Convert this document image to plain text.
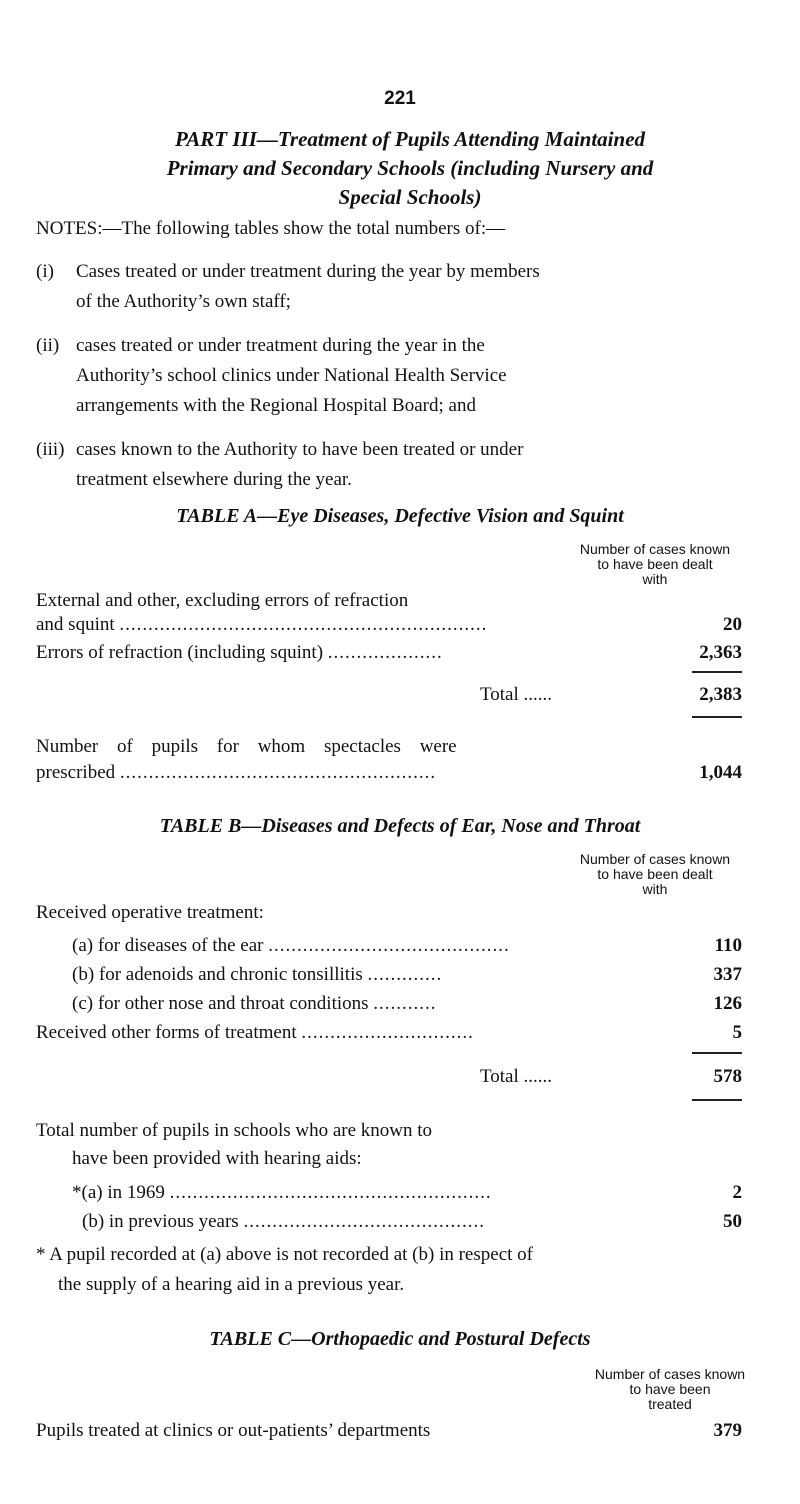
221
PART III—Treatment of Pupils Attending Maintained
Primary and Secondary Schools (including Nursery and
Special Schools)
NOTES:—The following tables show the total numbers of:—
(i)	Cases treated or under treatment during the year by members
of the Authority’s own staff;
(ii) cases treated or under treatment during the year in the
Authority’s school clinics under National Health Service
arrangements with the Regional Hospital Board; and
(iii) cases known to the Authority to have been treated or under
treatment elsewhere during the year.
TABLE A—Eye Diseases, Defective Vision and Squint
Number of cases known
to have been dealt
with
External and other, excluding errors of refraction
and squint ................................................................	20
Errors of refraction (including squint) ....................	2,363
Total ......	2,383
Number of pupils for whom spectacles were
prescribed .......................................................	1,044
TABLE B—Diseases and Defects of Ear, Nose and Throat
Number of cases known
to have been dealt
with
Received operative treatment:
(a) for diseases of the ear ..........................................	110
(b) for adenoids and chronic tonsillitis .............	337
(c) for other nose and throat conditions ...........	126
Received other forms of treatment ..............................	5
Total ......	578
Total number of pupils in schools who are known to
have been provided with hearing aids:
*(a) in 1969 ........................................................	2
(b) in previous years ..........................................	50
* A pupil recorded at (a) above is not recorded at (b) in respect of
the supply of a hearing aid in a previous year.
TABLE C—Orthopaedic and Postural Defects
Number of cases known
to have been
treated
Pupils treated at clinics or out-patients’ departments	379
